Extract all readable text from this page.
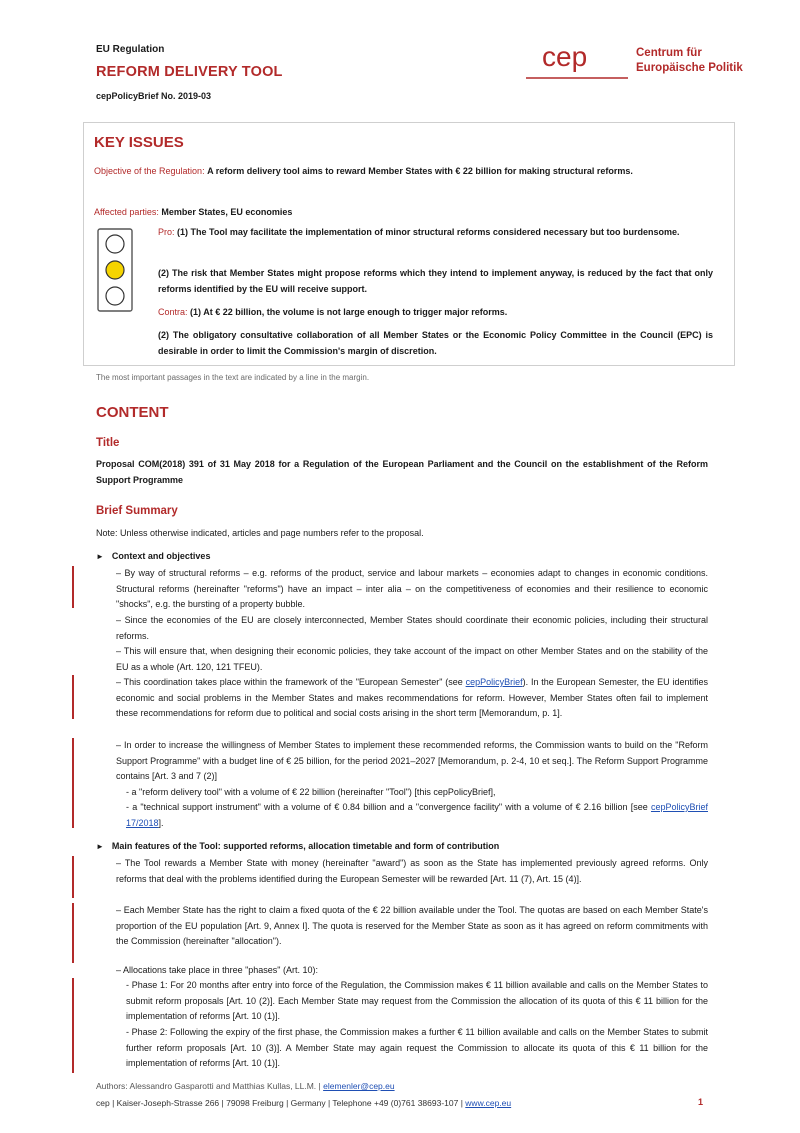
EU Regulation
REFORM DELIVERY TOOL
cepPolicyBrief No. 2019-03
cep	Centrum für
Europäische Politik
KEY ISSUES
Objective of the Regulation: A reform delivery tool aims to reward Member States with € 22 billion for making structural reforms.
Affected parties: Member States, EU economies
Pro: (1) The Tool may facilitate the implementation of minor structural reforms considered necessary but too burdensome.
(2) The risk that Member States might propose reforms which they intend to implement anyway, is reduced by the fact that only reforms identified by the EU will receive support.
Contra: (1) At € 22 billion, the volume is not large enough to trigger major reforms.
(2) The obligatory consultative collaboration of all Member States or the Economic Policy Committee in the Council (EPC) is desirable in order to limit the Commission's margin of discretion.
The most important passages in the text are indicated by a line in the margin.
CONTENT
Title
Proposal COM(2018) 391 of 31 May 2018 for a Regulation of the European Parliament and the Council on the establishment of the Reform Support Programme
Brief Summary
Note: Unless otherwise indicated, articles and page numbers refer to the proposal.
► Context and objectives
– By way of structural reforms – e.g. reforms of the product, service and labour markets – economies adapt to changes in economic conditions. Structural reforms (hereinafter "reforms") have an impact – inter alia – on the competitiveness of economies and their resilience to economic "shocks", e.g. the bursting of a property bubble.
– Since the economies of the EU are closely interconnected, Member States should coordinate their economic policies, including their structural reforms.
– This will ensure that, when designing their economic policies, they take account of the impact on other Member States and on the stability of the EU as a whole (Art. 120, 121 TFEU).
– This coordination takes place within the framework of the "European Semester" (see cepPolicyBrief). In the European Semester, the EU identifies economic and social problems in the Member States and makes recommendations for reform. However, Member States often fail to implement these recommendations for reform due to political and social costs arising in the short term [Memorandum, p. 1].
– In order to increase the willingness of Member States to implement these recommended reforms, the Commission wants to build on the "Reform Support Programme" with a budget line of € 25 billion, for the period 2021–2027 [Memorandum, p. 2-4, 10 et seq.]. The Reform Support Programme contains [Art. 3 and 7 (2)]
- a "reform delivery tool" with a volume of € 22 billion (hereinafter "Tool") [this cepPolicyBrief],
- a "technical support instrument" with a volume of € 0.84 billion and a "convergence facility" with a volume of € 2.16 billion [see cepPolicyBrief 17/2018].
► Main features of the Tool: supported reforms, allocation timetable and form of contribution
– The Tool rewards a Member State with money (hereinafter "award") as soon as the State has implemented previously agreed reforms. Only reforms that deal with the problems identified during the European Semester will be rewarded [Art. 11 (7), Art. 15 (4)].
– Each Member State has the right to claim a fixed quota of the € 22 billion available under the Tool. The quotas are based on each Member State's proportion of the EU population [Art. 9, Annex I]. The quota is reserved for the Member State as soon as it has agreed on reform commitments with the Commission (hereinafter "allocation").
– Allocations take place in three "phases" (Art. 10):
- Phase 1: For 20 months after entry into force of the Regulation, the Commission makes € 11 billion available and calls on the Member States to submit reform proposals [Art. 10 (2)]. Each Member State may request from the Commission the allocation of its quota of this € 11 billion for the implementation of reforms [Art. 10 (1)].
- Phase 2: Following the expiry of the first phase, the Commission makes a further € 11 billion available and calls on the Member States to submit further reform proposals [Art. 10 (3)]. A Member State may again request the Commission to allocate its quota of this € 11 billion for the implementation of reforms [Art. 10 (1)].
Authors: Alessandro Gasparotti and Matthias Kullas, LL.M. | elemenler@cep.eu
cep | Kaiser-Joseph-Strasse 266 | 79098 Freiburg | Germany | Telephone +49 (0)761 38693-107 | www.cep.eu	1
